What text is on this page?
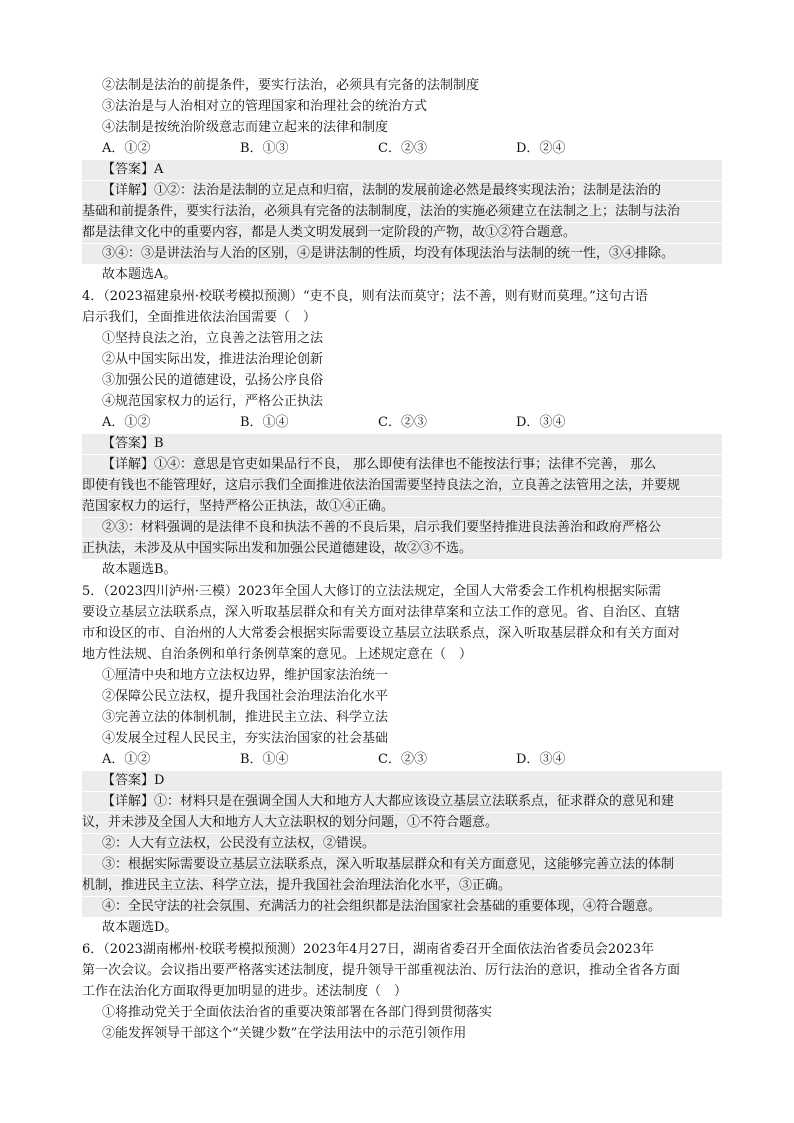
②法制是法治的前提条件，要实行法治，必须具有完备的法制制度
③法治是与人治相对立的管理国家和治理社会的统治方式
④法制是按统治阶级意志而建立起来的法律和制度
A．①②	B．①③	C．②③	D．②④
【答案】A
【详解】①②：法治是法制的立足点和归宿，法制的发展前途必然是最终实现法治；法制是法治的
基础和前提条件，要实行法治，必须具有完备的法制制度，法治的实施必须建立在法制之上；法制与法治
都是法律文化中的重要内容，都是人类文明发展到一定阶段的产物，故①②符合题意。
③④：③是讲法治与人治的区别，④是讲法制的性质，均没有体现法治与法制的统一性，③④排除。
故本题选A。
4．（2023福建泉州·校联考模拟预测）“吏不良，则有法而莫守；法不善，则有财而莫理。”这句古语
启示我们，全面推进依法治国需要（　）
①坚持良法之治，立良善之法管用之法
②从中国实际出发，推进法治理论创新
③加强公民的道德建设，弘扬公序良俗
④规范国家权力的运行，严格公正执法
A．①②	B．①④	C．②③	D．③④
【答案】B
【详解】①④：意思是官吏如果品行不良， 那么即使有法律也不能按法行事；法律不完善， 那么
即使有钱也不能管理好，这启示我们全面推进依法治国需要坚持良法之治，立良善之法管用之法，并要规
范国家权力的运行，坚持严格公正执法，故①④正确。
②③：材料强调的是法律不良和执法不善的不良后果，启示我们要坚持推进良法善治和政府严格公
正执法，未涉及从中国实际出发和加强公民道德建设，故②③不选。
故本题选B。
5．（2023四川泸州·三模）2023年全国人大修订的立法法规定，全国人大常委会工作机构根据实际需
要设立基层立法联系点，深入听取基层群众和有关方面对法律草案和立法工作的意见。省、自治区、直辖
市和设区的市、自治州的人大常委会根据实际需要设立基层立法联系点，深入听取基层群众和有关方面对
地方性法规、自治条例和单行条例草案的意见。上述规定意在（　）
①厘清中央和地方立法权边界，维护国家法治统一
②保障公民立法权，提升我国社会治理法治化水平
③完善立法的体制机制，推进民主立法、科学立法
④发展全过程人民民主，夯实法治国家的社会基础
A．①②	B．①④	C．②③	D．③④
【答案】D
【详解】①：材料只是在强调全国人大和地方人大都应该设立基层立法联系点，征求群众的意见和建
议，并未涉及全国人大和地方人大立法职权的划分问题，①不符合题意。
②：人大有立法权，公民没有立法权，②错误。
③：根据实际需要设立基层立法联系点，深入听取基层群众和有关方面意见，这能够完善立法的体制
机制，推进民主立法、科学立法，提升我国社会治理法治化水平，③正确。
④：全民守法的社会氛围、充满活力的社会组织都是法治国家社会基础的重要体现，④符合题意。
故本题选D。
6．（2023湖南郴州·校联考模拟预测）2023年4月27日，湖南省委召开全面依法治省委员会2023年
第一次会议。会议指出要严格落实述法制度，提升领导干部重视法治、厉行法治的意识，推动全省各方面
工作在法治化方面取得更加明显的进步。述法制度（　）
①将推动党关于全面依法治省的重要决策部署在各部门得到贯彻落实
②能发挥领导干部这个“关键少数”在学法用法中的示范引领作用
